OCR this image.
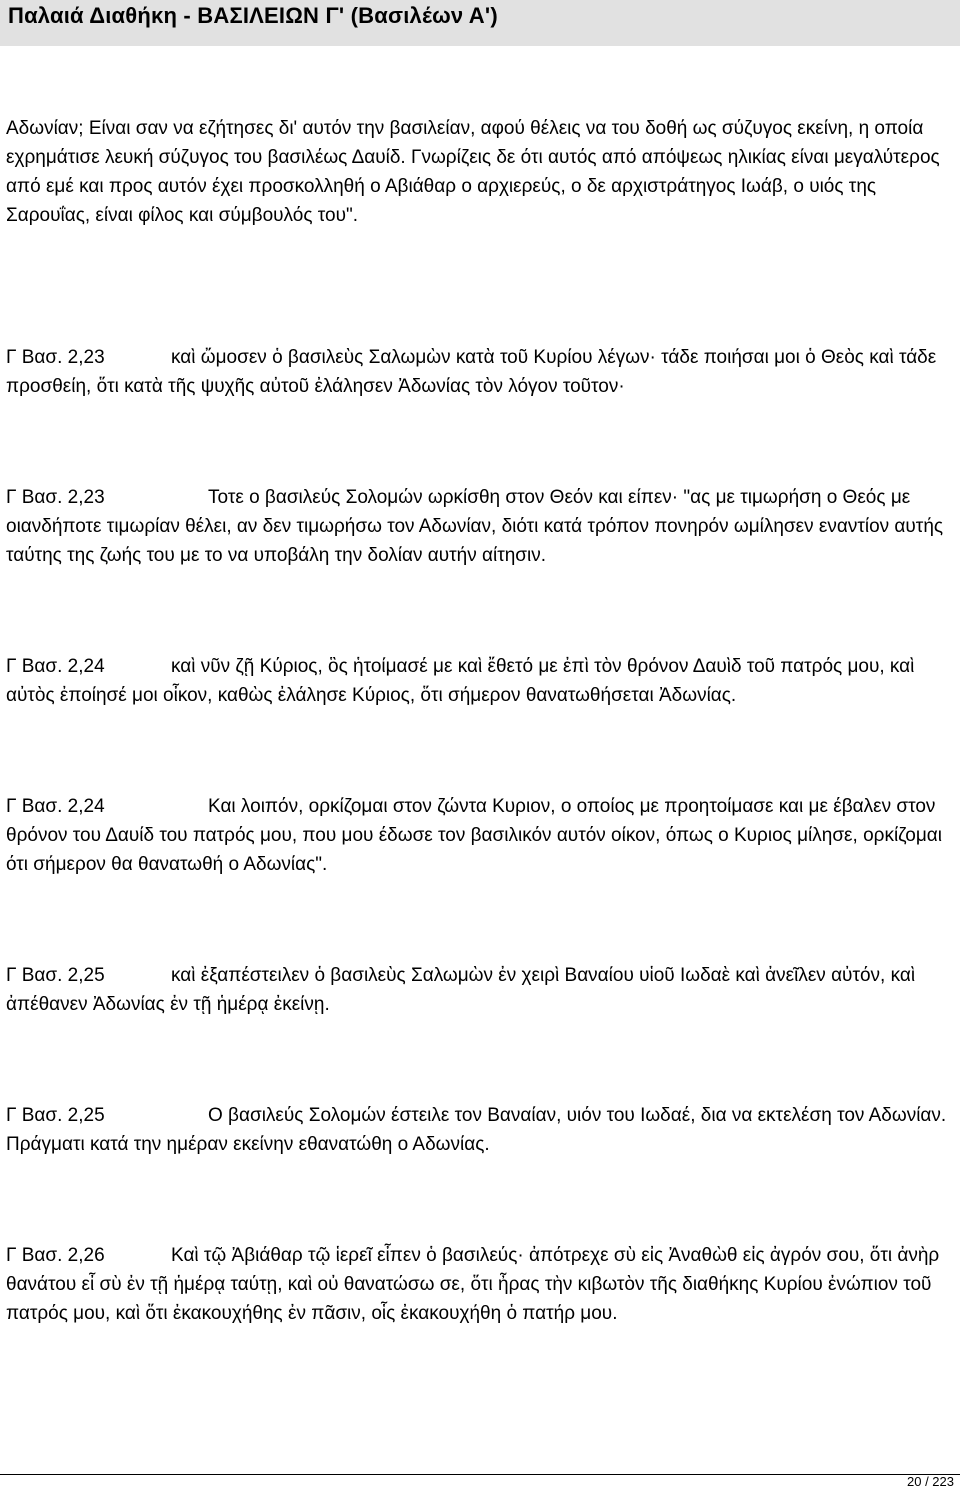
Παλαιά Διαθήκη - ΒΑΣΙΛΕΙΩΝ Γ' (Βασιλέων Α')

Αδωνίαν; Είναι σαν να εζήτησες δι' αυτόν την βασιλείαν, αφού θέλεις να του δοθή ως σύζυγος εκείνη, η οποία εχρημάτισε λευκή σύζυγος του βασιλέως Δαυίδ. Γνωρίζεις δε ότι αυτός από απόψεως ηλικίας είναι μεγαλύτερος από εμέ και προς αυτόν έχει προσκολληθή ο Αβιάθαρ ο αρχιερεύς, ο δε αρχιστράτηγος Ιωάβ, ο υιός της Σαρουΐας, είναι φίλος και σύμβουλός του".

Γ Βασ. 2,23	καὶ ὤμοσεν ὁ βασιλεὺς Σαλωμὼν κατὰ τοῦ Κυρίου λέγων· τάδε ποιήσαι μοι ὁ Θεὸς καὶ τάδε προσθείη, ὅτι κατὰ τῆς ψυχῆς αὐτοῦ ἐλάλησεν Ἀδωνίας τὸν λόγον τοῦτον·
Γ Βασ. 2,23	Τοτε ο βασιλεύς Σολομών ωρκίσθη στον Θεόν και είπεν· "ας με τιμωρήση ο Θεός με οιανδήποτε τιμωρίαν θέλει, αν δεν τιμωρήσω τον Αδωνίαν, διότι κατά τρόπον πονηρόν ωμίλησεν εναντίον αυτής ταύτης της ζωής του με το να υποβάλη την δολίαν αυτήν αίτησιν.
Γ Βασ. 2,24	καὶ νῦν ζῇ Κύριος, ὃς ἡτοίμασέ με καὶ ἔθετό με ἐπὶ τὸν θρόνον Δαυὶδ τοῦ πατρός μου, καὶ αὐτὸς ἐποίησέ μοι οἶκον, καθὼς ἐλάλησε Κύριος, ὅτι σήμερον θανατωθήσεται Ἀδωνίας.
Γ Βασ. 2,24	Και λοιπόν, ορκίζομαι στον ζώντα Κυριον, ο οποίος με προητοίμασε και με έβαλεν στον θρόνον του Δαυίδ του πατρός μου, που μου έδωσε τον βασιλικόν αυτόν οίκον, όπως ο Κυριος μίλησε, ορκίζομαι ότι σήμερον θα θανατωθή ο Αδωνίας".
Γ Βασ. 2,25	καὶ ἐξαπέστειλεν ὁ βασιλεὺς Σαλωμὼν ἐν χειρὶ Βαναίου υἱοῦ Ιωδαὲ καὶ ἀνεῖλεν αὐτόν, καὶ ἀπέθανεν Ἀδωνίας ἐν τῇ ἡμέρᾳ ἐκείνῃ.
Γ Βασ. 2,25	Ο βασιλεύς Σολομών έστειλε τον Βαναίαν, υιόν του Ιωδαέ, δια να εκτελέση τον Αδωνίαν. Πράγματι κατά την ημέραν εκείνην εθανατώθη ο Αδωνίας.
Γ Βασ. 2,26	Καὶ τῷ Ἀβιάθαρ τῷ ἱερεῖ εἶπεν ὁ βασιλεύς· ἀπότρεχε σὺ εἰς Ἀναθὼθ εἰς ἀγρόν σου, ὅτι ἀνὴρ θανάτου εἶ σὺ ἐν τῇ ἡμέρᾳ ταύτῃ, καὶ οὐ θανατώσω σε, ὅτι ἦρας τὴν κιβωτὸν τῆς διαθήκης Κυρίου ἐνώπιον τοῦ πατρός μου, καὶ ὅτι ἐκακουχήθης ἐν πᾶσιν, οἷς ἐκακουχήθη ὁ πατήρ μου.
20 / 223
